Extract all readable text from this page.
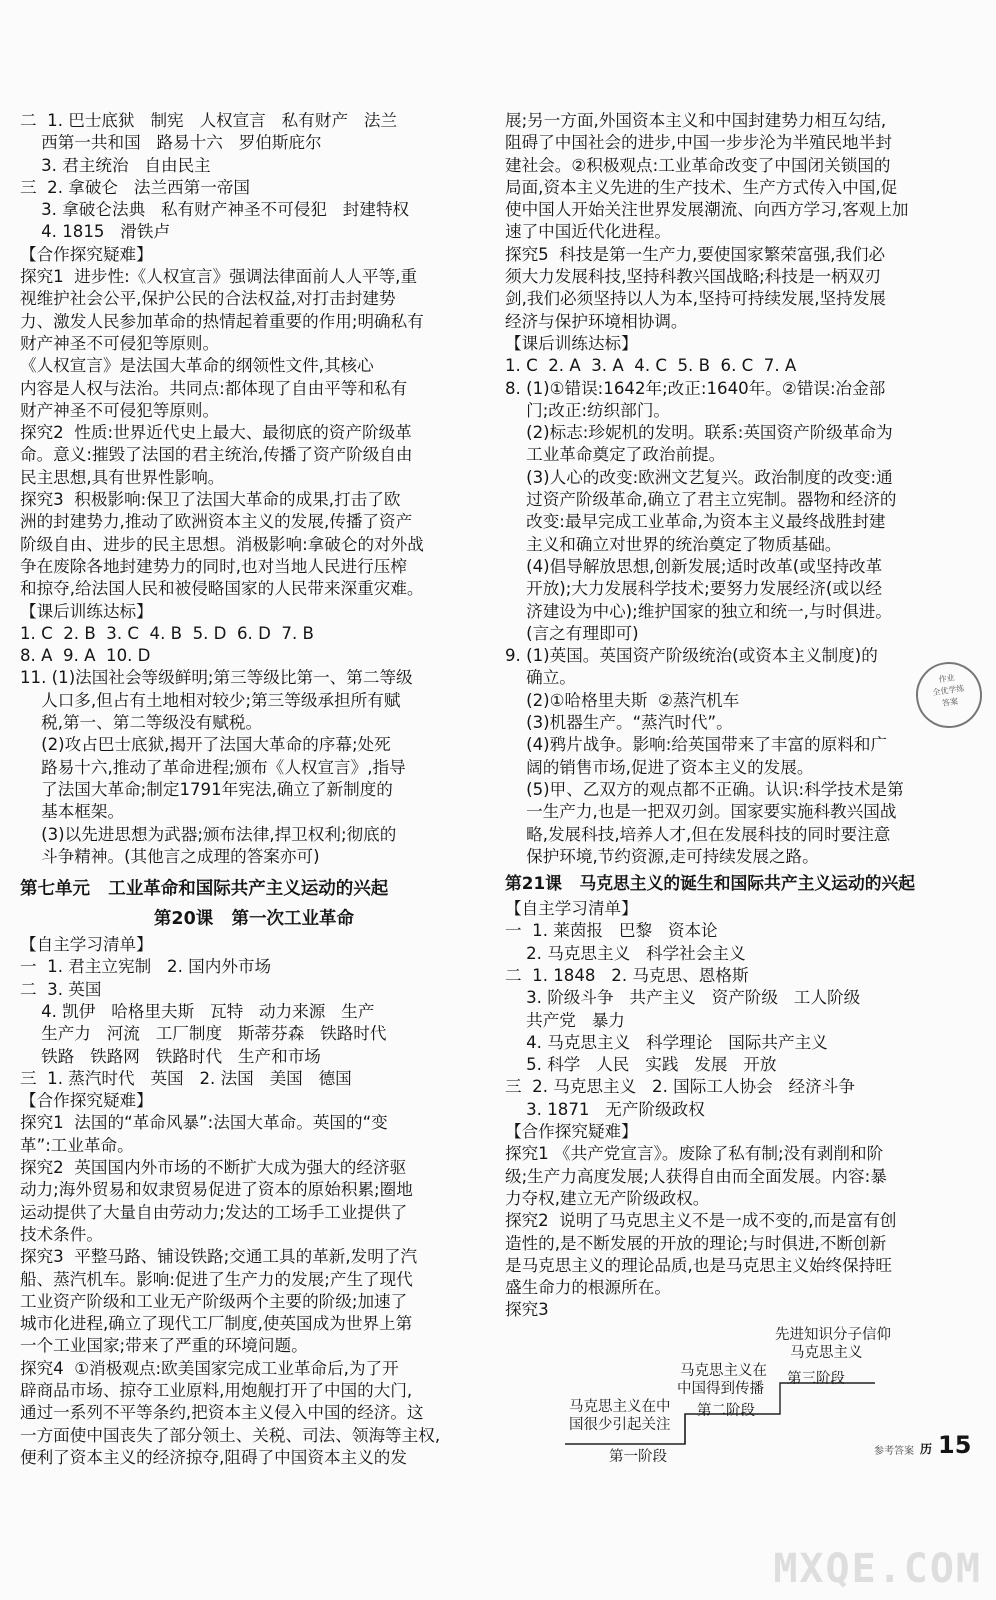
二  1. 巴士底狱   制宪   人权宣言   私有财产   法兰
西第一共和国   路易十六   罗伯斯庇尔
3. 君主统治   自由民主
三  2. 拿破仑   法兰西第一帝国
3. 拿破仑法典   私有财产神圣不可侵犯   封建特权
4. 1815   滑铁卢
【合作探究疑难】
探究1  进步性:《人权宣言》强调法律面前人人平等,重
视维护社会公平,保护公民的合法权益,对打击封建势
力、激发人民参加革命的热情起着重要的作用;明确私有
财产神圣不可侵犯等原则。
《人权宣言》是法国大革命的纲领性文件,其核心
内容是人权与法治。共同点:都体现了自由平等和私有
财产神圣不可侵犯等原则。
探究2  性质:世界近代史上最大、最彻底的资产阶级革
命。意义:摧毁了法国的君主统治,传播了资产阶级自由
民主思想,具有世界性影响。
探究3  积极影响:保卫了法国大革命的成果,打击了欧
洲的封建势力,推动了欧洲资本主义的发展,传播了资产
阶级自由、进步的民主思想。消极影响:拿破仑的对外战
争在废除各地封建势力的同时,也对当地人民进行压榨
和掠夺,给法国人民和被侵略国家的人民带来深重灾难。
【课后训练达标】
1. C  2. B  3. C  4. B  5. D  6. D  7. B
8. A  9. A  10. D
11. (1)法国社会等级鲜明;第三等级比第一、第二等级
人口多,但占有土地相对较少;第三等级承担所有赋
税,第一、第二等级没有赋税。
(2)攻占巴士底狱,揭开了法国大革命的序幕;处死
路易十六,推动了革命进程;颁布《人权宣言》,指导
了法国大革命;制定1791年宪法,确立了新制度的
基本框架。
(3)以先进思想为武器;颁布法律,捍卫权利;彻底的
斗争精神。(其他言之成理的答案亦可)
第七单元   工业革命和国际共产主义运动的兴起
第20课   第一次工业革命
【自主学习清单】
一  1. 君主立宪制   2. 国内外市场
二  3. 英国
4. 凯伊   哈格里夫斯   瓦特   动力来源   生产
生产力   河流   工厂制度   斯蒂芬森   铁路时代
铁路   铁路网   铁路时代   生产和市场
三  1. 蒸汽时代   英国   2. 法国   美国   德国
【合作探究疑难】
探究1  法国的“革命风暴”:法国大革命。英国的“变
革”:工业革命。
探究2  英国国内外市场的不断扩大成为强大的经济驱
动力;海外贸易和奴隶贸易促进了资本的原始积累;圈地
运动提供了大量自由劳动力;发达的工场手工业提供了
技术条件。
探究3  平整马路、铺设铁路;交通工具的革新,发明了汽
船、蒸汽机车。影响:促进了生产力的发展;产生了现代
工业资产阶级和工业无产阶级两个主要的阶级;加速了
城市化进程,确立了现代工厂制度,使英国成为世界上第
一个工业国家;带来了严重的环境问题。
探究4  ①消极观点:欧美国家完成工业革命后,为了开
辟商品市场、掠夺工业原料,用炮舰打开了中国的大门,
通过一系列不平等条约,把资本主义侵入中国的经济。这
一方面使中国丧失了部分领土、关税、司法、领海等主权,
便利了资本主义的经济掠夺,阻碍了中国资本主义的发
展;另一方面,外国资本主义和中国封建势力相互勾结,
阻碍了中国社会的进步,中国一步步沦为半殖民地半封
建社会。②积极观点:工业革命改变了中国闭关锁国的
局面,资本主义先进的生产技术、生产方式传入中国,促
使中国人开始关注世界发展潮流、向西方学习,客观上加
速了中国近代化进程。
探究5  科技是第一生产力,要使国家繁荣富强,我们必
须大力发展科技,坚持科教兴国战略;科技是一柄双刃
剑,我们必须坚持以人为本,坚持可持续发展,坚持发展
经济与保护环境相协调。
【课后训练达标】
1. C  2. A  3. A  4. C  5. B  6. C  7. A
8. (1)①错误:1642年;改正:1640年。②错误:冶金部
门;改正:纺织部门。
(2)标志:珍妮机的发明。联系:英国资产阶级革命为
工业革命奠定了政治前提。
(3)人心的改变:欧洲文艺复兴。政治制度的改变:通
过资产阶级革命,确立了君主立宪制。器物和经济的
改变:最早完成工业革命,为资本主义最终战胜封建
主义和确立对世界的统治奠定了物质基础。
(4)倡导解放思想,创新发展;适时改革(或坚持改革
开放);大力发展科学技术;要努力发展经济(或以经
济建设为中心);维护国家的独立和统一,与时俱进。
(言之有理即可)
9. (1)英国。英国资产阶级统治(或资本主义制度)的
确立。
(2)①哈格里夫斯  ②蒸汽机车
(3)机器生产。“蒸汽时代”。
(4)鸦片战争。影响:给英国带来了丰富的原料和广
阔的销售市场,促进了资本主义的发展。
(5)甲、乙双方的观点都不正确。认识:科学技术是第
一生产力,也是一把双刃剑。国家要实施科教兴国战
略,发展科技,培养人才,但在发展科技的同时要注意
保护环境,节约资源,走可持续发展之路。
第21课   马克思主义的诞生和国际共产主义运动的兴起
【自主学习清单】
一  1. 莱茵报   巴黎   资本论
2. 马克思主义   科学社会主义
二  1. 1848   2. 马克思、恩格斯
3. 阶级斗争   共产主义   资产阶级   工人阶级
共产党   暴力
4. 马克思主义   科学理论   国际共产主义
5. 科学   人民   实践   发展   开放
三  2. 马克思主义   2. 国际工人协会   经济斗争
3. 1871   无产阶级政权
【合作探究疑难】
探究1 《共产党宣言》。废除了私有制;没有剥削和阶
级;生产力高度发展;人获得自由而全面发展。内容:暴
力夺权,建立无产阶级政权。
探究2  说明了马克思主义不是一成不变的,而是富有创
造性的,是不断发展的开放的理论;与时俱进,不断创新
是马克思主义的理论品质,也是马克思主义始终保持旺
盛生命力的根源所在。
探究3
先进知识分子信仰
马克思主义
第三阶段
马克思主义在
中国得到传播
第二阶段
马克思主义在中
国很少引起关注
第一阶段
作业
全优学练
答案
参考答案 历 15
MXQE.COM
